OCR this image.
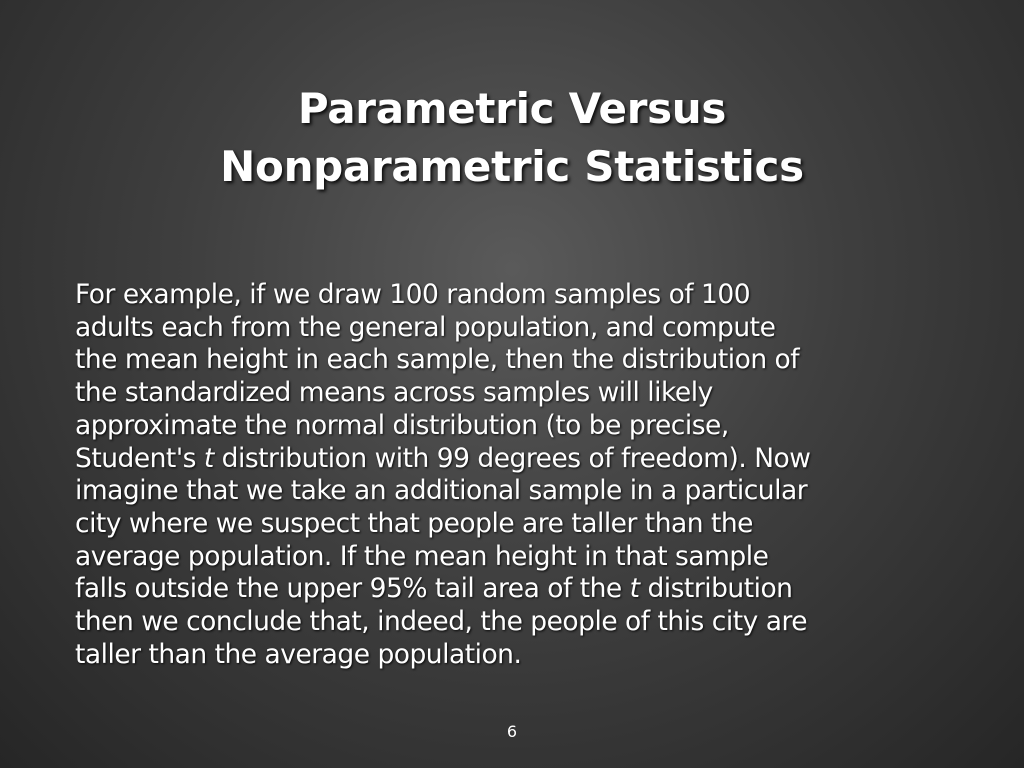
Parametric Versus
Nonparametric Statistics
For example, if we draw 100 random samples of 100
adults each from the general population, and compute
the mean height in each sample, then the distribution of
the standardized means across samples will likely
approximate the normal distribution (to be precise,
Student's t distribution with 99 degrees of freedom). Now
imagine that we take an additional sample in a particular
city where we suspect that people are taller than the
average population. If the mean height in that sample
falls outside the upper 95% tail area of the t distribution
then we conclude that, indeed, the people of this city are
taller than the average population.
6
